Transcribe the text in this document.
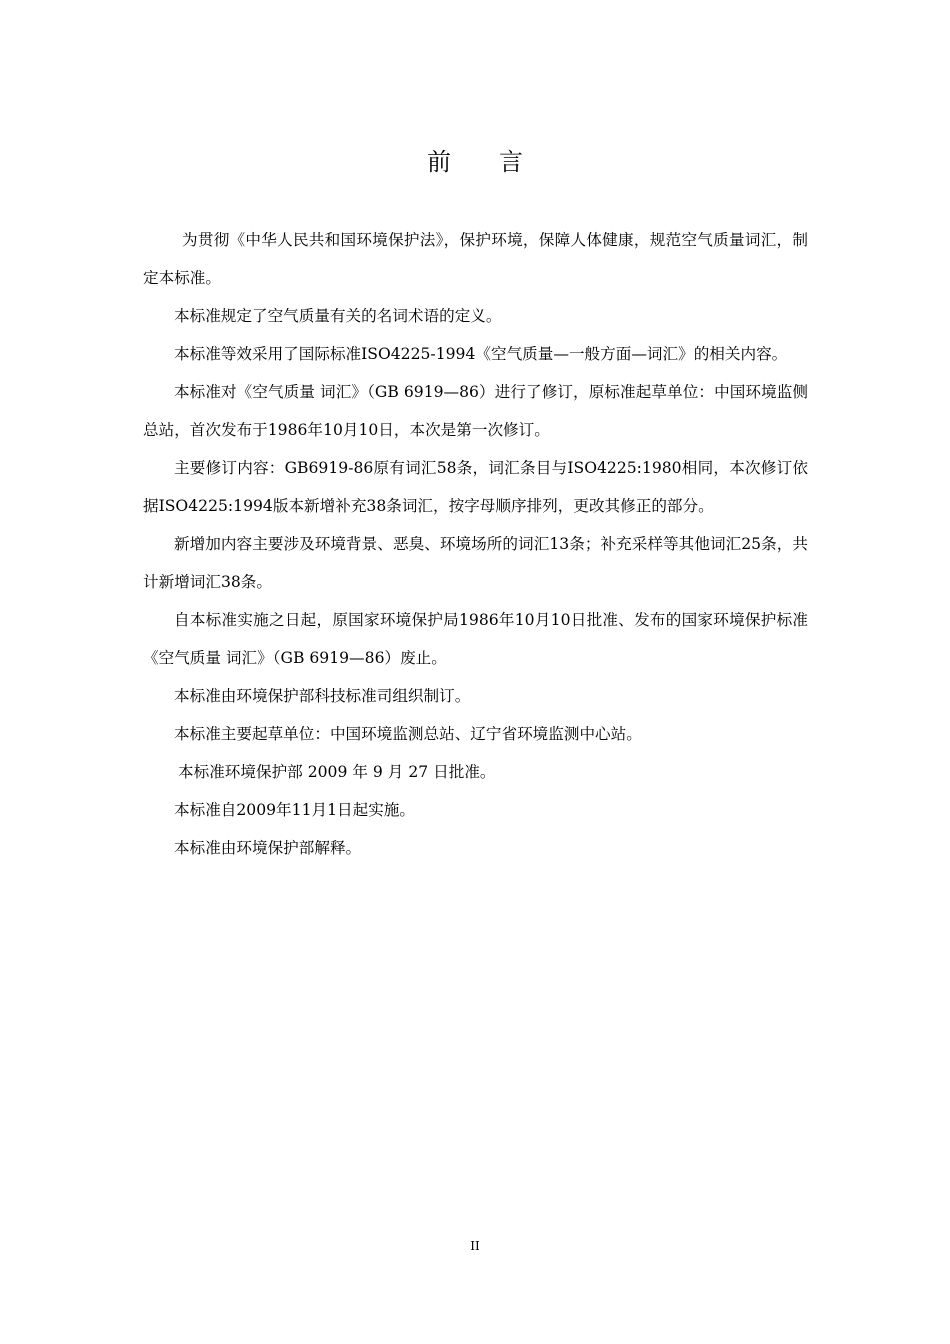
前 言

为贯彻《中华人民共和国环境保护法》，保护环境，保障人体健康，规范空气质量词汇，制定本标准。

本标准规定了空气质量有关的名词术语的定义。

本标准等效采用了国际标准ISO4225-1994《空气质量—一般方面—词汇》的相关内容。

本标准对《空气质量 词汇》（GB 6919—86）进行了修订，原标准起草单位：中国环境监侧总站，首次发布于1986年10月10日，本次是第一次修订。

主要修订内容：GB6919-86原有词汇58条，词汇条目与ISO4225:1980相同，本次修订依据ISO4225:1994版本新增补充38条词汇，按字母顺序排列，更改其修正的部分。

新增加内容主要涉及环境背景、恶臭、环境场所的词汇13条；补充采样等其他词汇25条，共计新增词汇38条。

自本标准实施之日起，原国家环境保护局1986年10月10日批准、发布的国家环境保护标准《空气质量 词汇》（GB 6919—86）废止。

本标准由环境保护部科技标准司组织制订。

本标准主要起草单位：中国环境监测总站、辽宁省环境监测中心站。

本标准环境保护部 2009 年 9 月 27 日批准。

本标准自2009年11月1日起实施。

本标准由环境保护部解释。

II
